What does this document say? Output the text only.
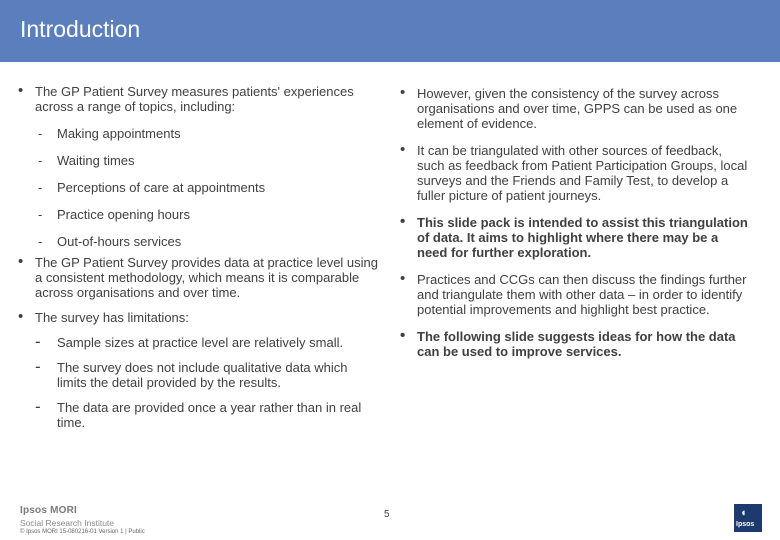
Introduction
• The GP Patient Survey measures patients' experiences across a range of topics, including:
- Making appointments
- Waiting times
- Perceptions of care at appointments
- Practice opening hours
- Out-of-hours services
• The GP Patient Survey provides data at practice level using a consistent methodology, which means it is comparable across organisations and over time.
• The survey has limitations:
- Sample sizes at practice level are relatively small.
- The survey does not include qualitative data which limits the detail provided by the results.
- The data are provided once a year rather than in real time.
• However, given the consistency of the survey across organisations and over time, GPPS can be used as one element of evidence.
• It can be triangulated with other sources of feedback, such as feedback from Patient Participation Groups, local surveys and the Friends and Family Test, to develop a fuller picture of patient journeys.
• This slide pack is intended to assist this triangulation of data. It aims to highlight where there may be a need for further exploration.
• Practices and CCGs can then discuss the findings further and triangulate them with other data – in order to identify potential improvements and highlight best practice.
• The following slide suggests ideas for how the data can be used to improve services.
Ipsos MORI
Social Research Institute
© Ipsos MORI 15-080216-01 Version 1 | Public
5	◖
Ipsos
